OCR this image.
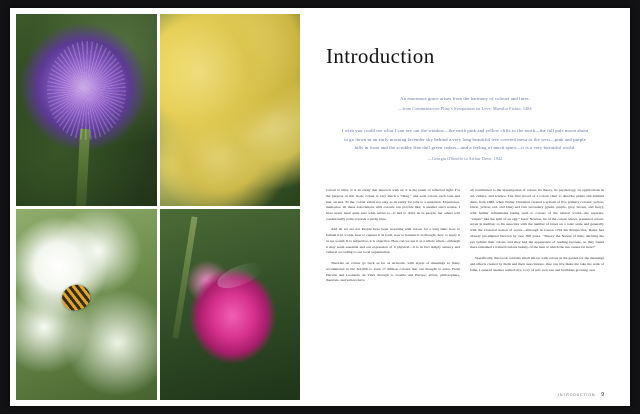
Introduction
An enormous grace arises from the harmony of colours and lines.
—from Commentaryon Pliny's Symposium on Love, Marsilio Ficino, 1484
I wish you could see what I can see out the window—the earth pink and yellow cliffs to the north—the full pale moon about to go down in an early morning lavender sky behind a very long beautiful tree covered mesa to the west—pink and purple hills in front and the scrubby fine dull green cedars—and a feeling of much space—it is a very beautiful world.
—Georgia O'Keeffe to Arthur Dove, 1942

Colour is alive. It is an entity that interacts with us; it is the result of reflected light. For the purpose of this book, colour is very much a “thing,” and each colour, each tone and hue, an end. To me, colour exists not only as an entity for jolts to a sensation. Experience, memories, all these associations with colours can provide like; it another one's nature. I have never been quite sure what nature is—it had to drive us as people, but others will conditionally paint towards a pushy blue.

And all we are not People have been wrestling with colour for a long time: how to fathom it in words, how to capture it as form, how to harness it as thought, how to apply it as we would. It is subjective, it is objective. How can we see it as a whole when—although it may seem essential and our expression of it physical—it is in fact simply sensory and cultural according to our local organization.

Theories on colour go back as far as Aristotle, with layers of meanings so many accumulated in the 3rd,000 to even 17 million colours that can thought to exist. From Darwin and Leonardo da Vinci through to Goethe and Europe, artists, philosophers, theorists, and writers have

all contributed to the investigation of colour, its theory, its psychology, its applications in art, culture, and science. The first record of a colour chart to describe plants and animals dates from 1686, when Walter Charleton created a system of five primary colours: yellow, black, yellow, red, and blue) and five secondary (green, purple, grey, brown, and fiery), with further refinements taking such to colour; of the natural world—the separate, “values” like the split of an egg.” Isaac Newton, he of the colour wheel, presented colour, seven in number, to fix associate with the number of tones on a tonic scale and generally with the Classical notion of seven—although in Canon 1794 his Perspective, Dante had already pre-empted Newton by over 300 years. “Theory the Nature of time, deriving the eye behind their colour, and they had the appearance of reading because, so they found there remained a trained curious beauty, of the heat at which the run causes far here!”

Specifically, this book contains small ten-ter with colour as the garden for the meanings and effects created by them and their associations. One can live make me take the walk of fame, I entered another walled city, a cry of soft-torn tree and brambles growing over

INTRODUCTION 9
